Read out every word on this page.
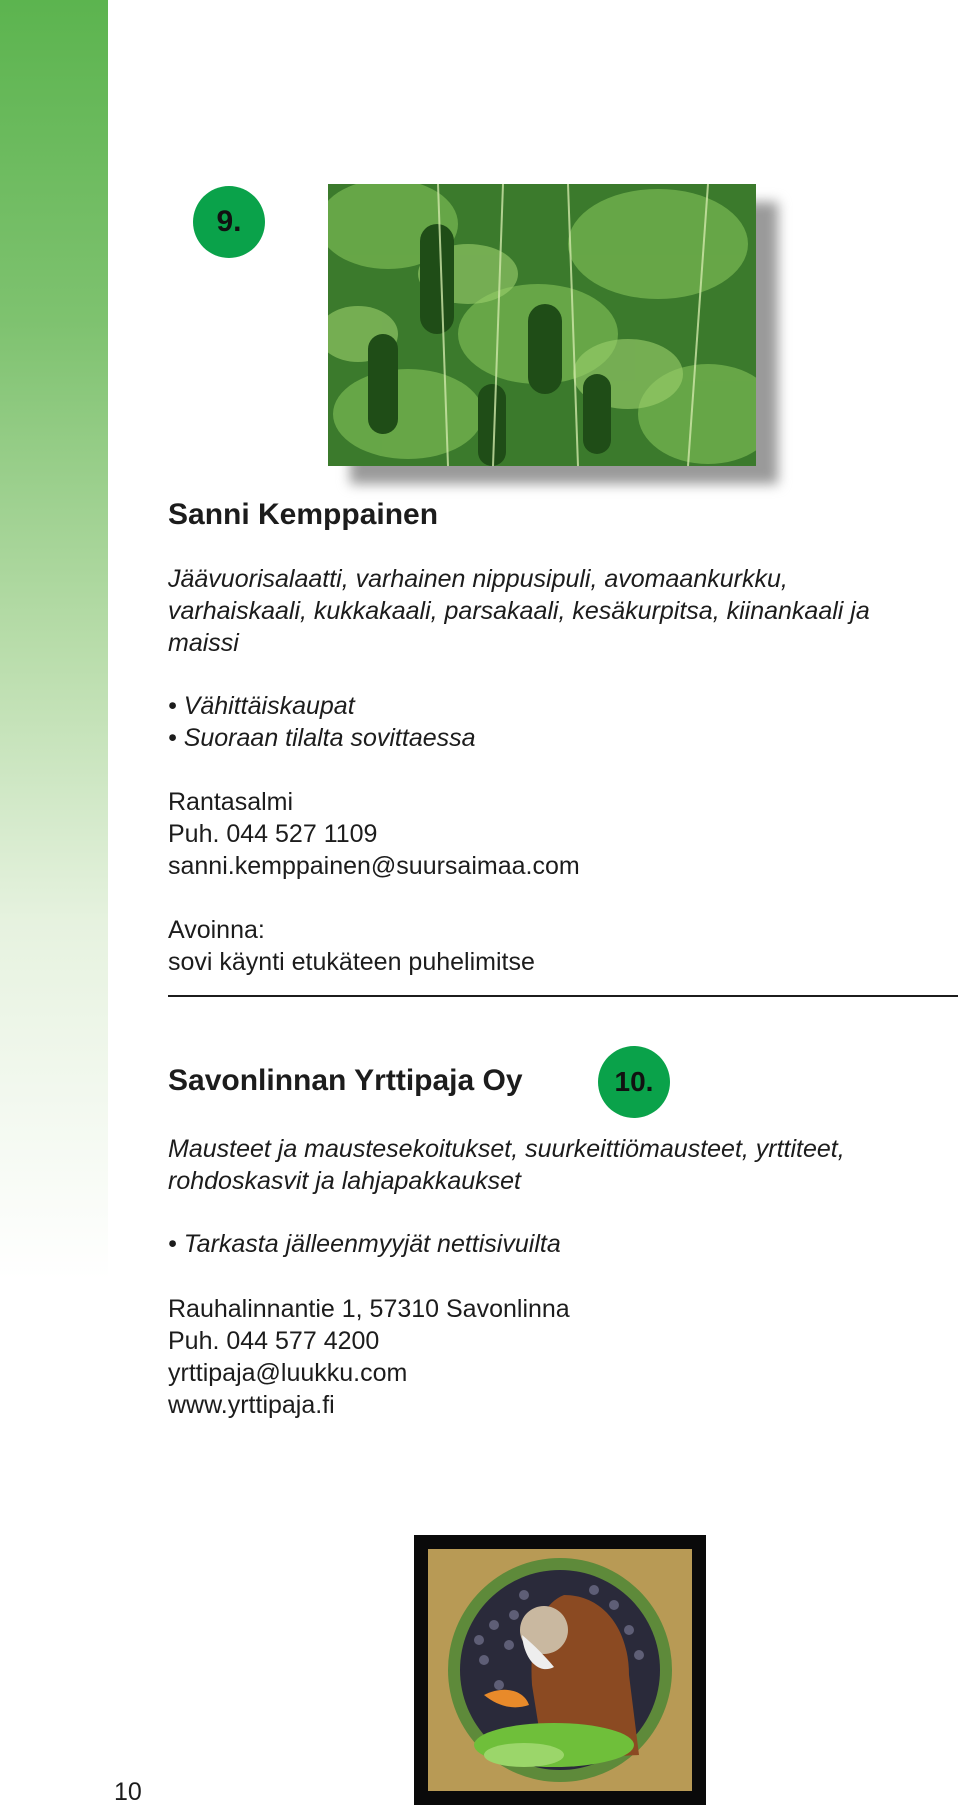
9.
Sanni Kemppainen
Jäävuorisalaatti, varhainen nippusipuli, avomaankurkku,
varhaiskaali, kukkakaali, parsakaali, kesäkurpitsa, kiinankaali ja
maissi
• Vähittäiskaupat
• Suoraan tilalta sovittaessa
Rantasalmi
Puh. 044 527 1109
sanni.kemppainen@suursaimaa.com
Avoinna:
sovi käynti etukäteen puhelimitse
Savonlinnan Yrttipaja Oy	10.
Mausteet ja maustesekoitukset, suurkeittiömausteet, yrttiteet,
rohdoskasvit ja lahjapakkaukset
• Tarkasta jälleenmyyjät nettisivuilta
Rauhalinnantie 1, 57310 Savonlinna
Puh. 044 577 4200
yrttipaja@luukku.com
www.yrttipaja.fi
10
